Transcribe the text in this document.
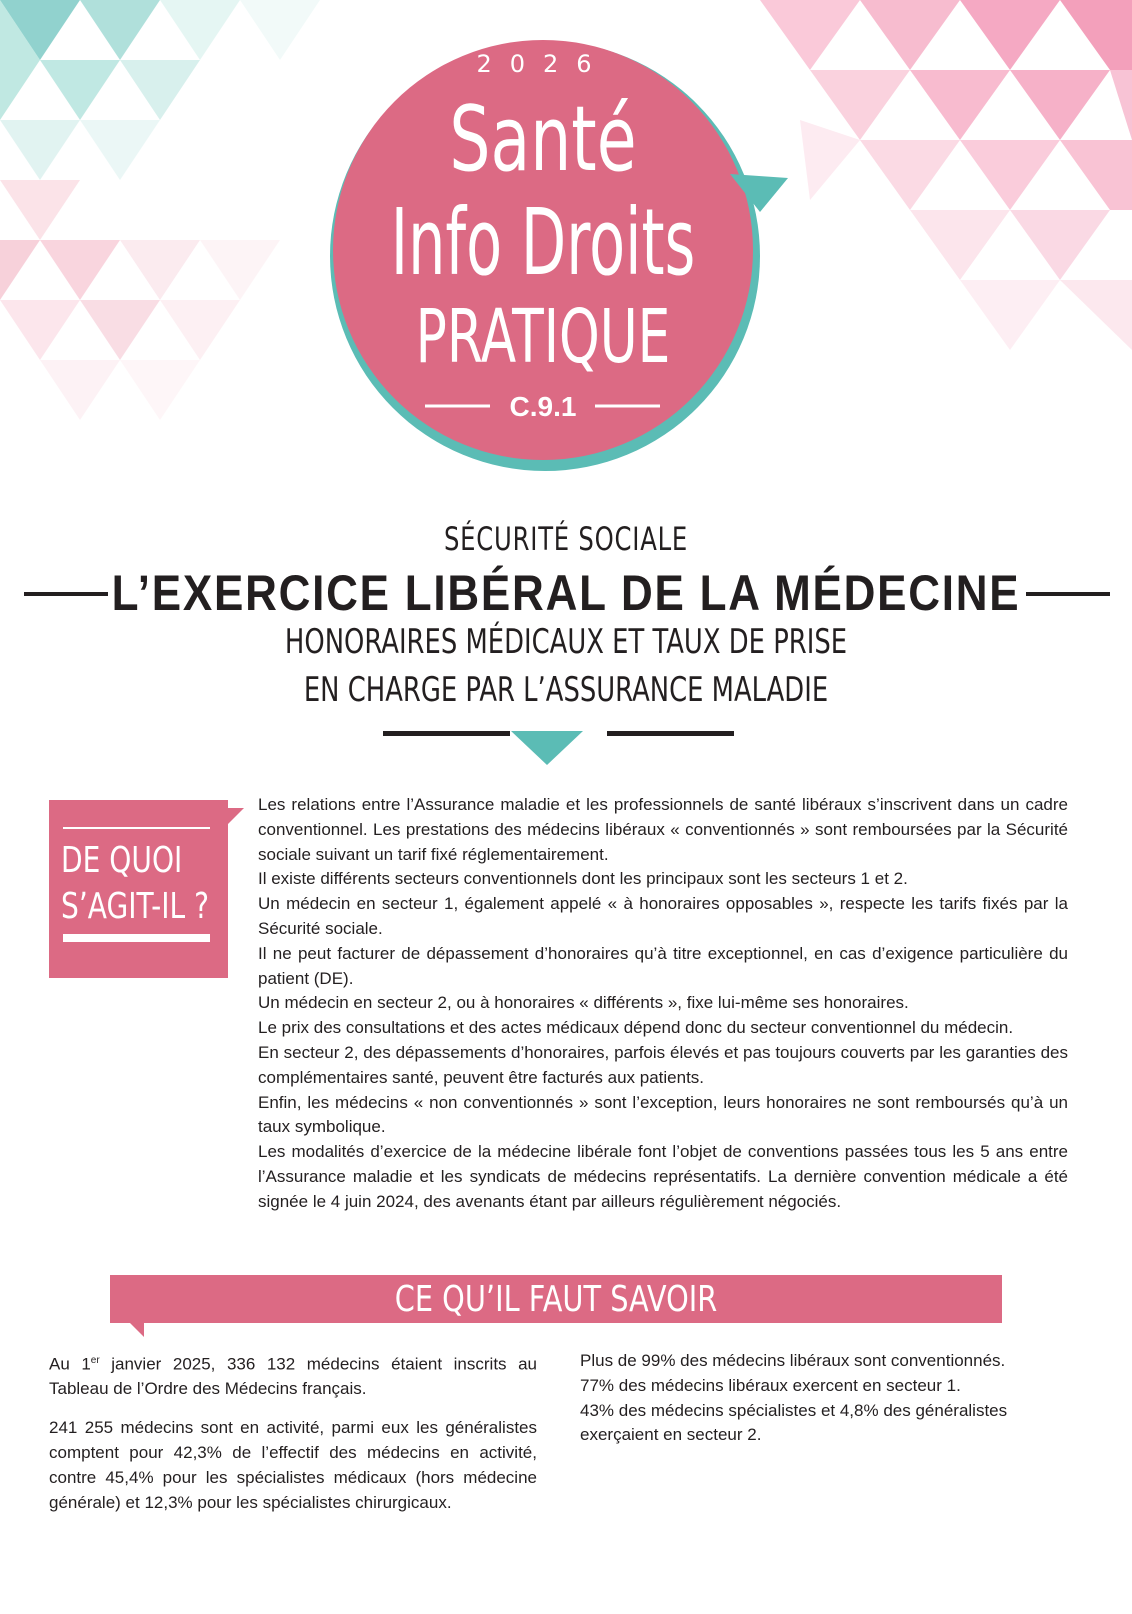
2026
Santé
Info Droits
PRATIQUE
C.9.1
SÉCURITÉ SOCIALE
L’EXERCICE LIBÉRAL DE LA MÉDECINE
HONORAIRES MÉDICAUX ET TAUX DE PRISE
EN CHARGE PAR L’ASSURANCE MALADIE
DE QUOI
S’AGIT-IL ?

Les relations entre l’Assurance maladie et les professionnels de santé libéraux s’inscrivent dans un cadre conventionnel. Les prestations des médecins libéraux « conventionnés » sont remboursées par la Sécurité sociale suivant un tarif fixé réglementairement.

Il existe différents secteurs conventionnels dont les principaux sont les secteurs 1 et 2.

Un médecin en secteur 1, également appelé « à honoraires opposables », respecte les tarifs fixés par la Sécurité sociale.

Il ne peut facturer de dépassement d’honoraires qu’à titre exceptionnel, en cas d’exigence particulière du patient (DE).

Un médecin en secteur 2, ou à honoraires « différents », fixe lui-même ses honoraires.

Le prix des consultations et des actes médicaux dépend donc du secteur conventionnel du médecin.

En secteur 2, des dépassements d’honoraires, parfois élevés et pas toujours couverts par les garanties des complémentaires santé, peuvent être facturés aux patients.

Enfin, les médecins « non conventionnés » sont l’exception, leurs honoraires ne sont remboursés qu’à un taux symbolique.

Les modalités d’exercice de la médecine libérale font l’objet de conventions passées tous les 5 ans entre l’Assurance maladie et les syndicats de médecins représentatifs. La dernière convention médicale a été signée le 4 juin 2024, des avenants étant par ailleurs régulièrement négociés.

CE QU’IL FAUT SAVOIR

Au 1er janvier 2025, 336 132 médecins étaient inscrits au Tableau de l’Ordre des Médecins français.

241 255 médecins sont en activité, parmi eux les généralistes comptent pour 42,3% de l’effectif des médecins en activité, contre 45,4% pour les spécialistes médicaux (hors médecine générale) et 12,3% pour les spécialistes chirurgicaux.

Plus de 99% des médecins libéraux sont conventionnés.

77% des médecins libéraux exercent en secteur 1.

43% des médecins spécialistes et 4,8% des généralistes exerçaient en secteur 2.
